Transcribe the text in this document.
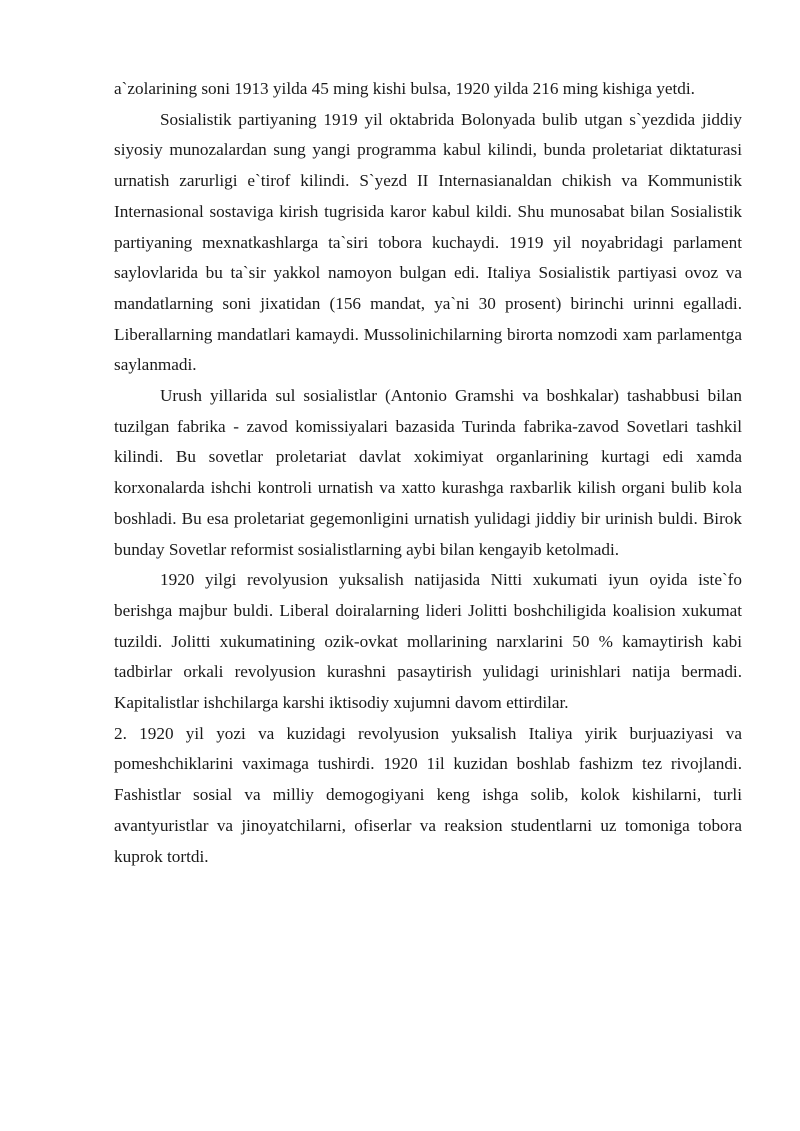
a`zolarining soni 1913 yilda 45 ming kishi bulsa, 1920 yilda 216 ming kishiga yetdi.

Sosialistik partiyaning 1919 yil oktabrida Bolonyada bulib utgan s`yezdida jiddiy siyosiy munozalardan sung yangi programma kabul kilindi, bunda proletariat diktaturasi urnatish zarurligi e`tirof kilindi. S`yezd II Internasianaldan chikish va Kommunistik Internasional sostaviga kirish tugrisida karor kabul kildi. Shu munosabat bilan Sosialistik partiyaning mexnatkashlarga ta`siri tobora kuchaydi. 1919 yil noyabridagi parlament saylovlarida bu ta`sir yakkol namoyon bulgan edi. Italiya Sosialistik partiyasi ovoz va mandatlarning soni jixatidan (156 mandat, ya`ni 30 prosent) birinchi urinni egalladi. Liberallarning mandatlari kamaydi. Mussolinichilarning birorta nomzodi xam parlamentga saylanmadi.

Urush yillarida sul sosialistlar (Antonio Gramshi va boshkalar) tashabbusi bilan tuzilgan fabrika - zavod komissiyalari bazasida Turinda fabrika-zavod Sovetlari tashkil kilindi. Bu sovetlar proletariat davlat xokimiyat organlarining kurtagi edi xamda korxonalarda ishchi kontroli urnatish va xatto kurashga raxbarlik kilish organi bulib kola boshladi. Bu esa proletariat gegemonligini urnatish yulidagi jiddiy bir urinish buldi. Birok bunday Sovetlar reformist sosialistlarning aybi bilan kengayib ketolmadi.

1920 yilgi revolyusion yuksalish natijasida Nitti xukumati iyun oyida iste`fo berishga majbur buldi. Liberal doiralarning lideri Jolitti boshchiligida koalision xukumat tuzildi. Jolitti xukumatining ozik-ovkat mollarining narxlarini 50 % kamaytirish kabi tadbirlar orkali revolyusion kurashni pasaytirish yulidagi urinishlari natija bermadi. Kapitalistlar ishchilarga karshi iktisodiy xujumni davom ettirdilar.

2. 1920 yil yozi va kuzidagi revolyusion yuksalish Italiya yirik burjuaziyasi va pomeshchiklarini vaximaga tushirdi. 1920 1il kuzidan boshlab fashizm tez rivojlandi. Fashistlar sosial va milliy demogogiyani keng ishga solib, kolok kishilarni, turli avantyuristlar va jinoyatchilarni, ofiserlar va reaksion studentlarni uz tomoniga tobora kuprok tortdi.
